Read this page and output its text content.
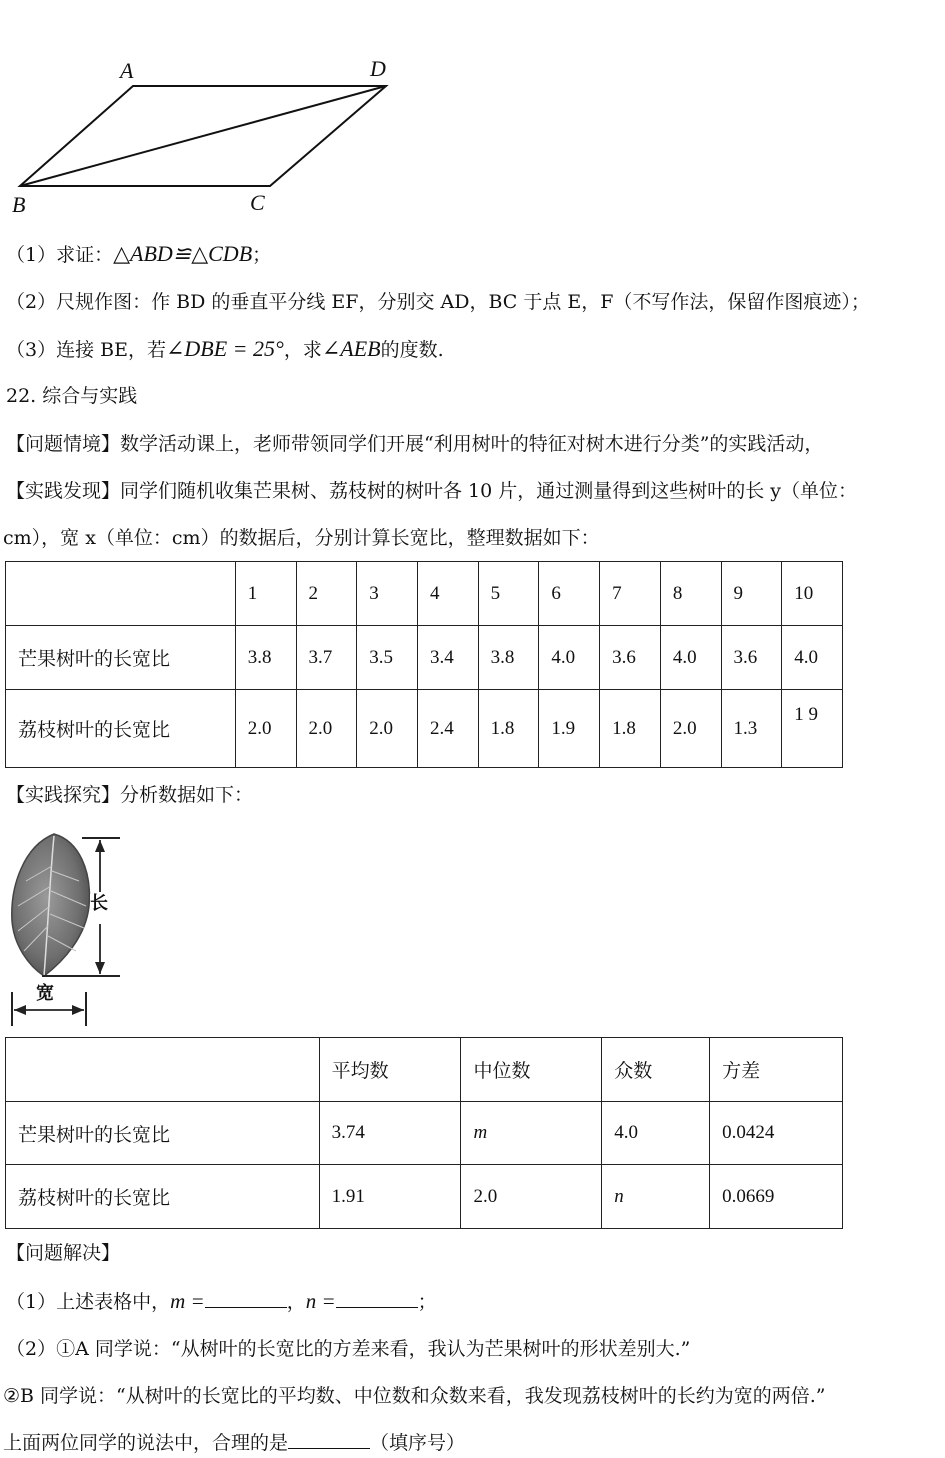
A	D
B	C
（1）求证：△ABD≌△CDB；
（2）尺规作图：作 BD 的垂直平分线 EF，分别交 AD，BC 于点 E，F（不写作法，保留作图痕迹）；
（3）连接 BE，若∠DBE = 25°，求∠AEB的度数.
22. 综合与实践
【问题情境】数学活动课上，老师带领同学们开展“利用树叶的特征对树木进行分类”的实践活动，
【实践发现】同学们随机收集芒果树、荔枝树的树叶各 10 片，通过测量得到这些树叶的长 y（单位：
cm），宽 x（单位：cm）的数据后，分别计算长宽比，整理数据如下：
	1	2	3	4	5	6	7	8	9	10
芒果树叶的长宽比	3.8	3.7	3.5	3.4	3.8	4.0	3.6	4.0	3.6	4.0
荔枝树叶的长宽比	2.0	2.0	2.0	2.4	1.8	1.9	1.8	2.0	1.3	1 9
【实践探究】分析数据如下：
长
宽
	平均数	中位数	众数	方差
芒果树叶的长宽比	3.74	m	4.0	0.0424
荔枝树叶的长宽比	1.91	2.0	n	0.0669
【问题解决】
（1）上述表格中，m =	，n =	；
（2）①A 同学说：“从树叶的长宽比的方差来看，我认为芒果树叶的形状差别大.”
②B 同学说：“从树叶的长宽比的平均数、中位数和众数来看，我发现荔枝树叶的长约为宽的两倍.”
上面两位同学的说法中，合理的是	（填序号）
